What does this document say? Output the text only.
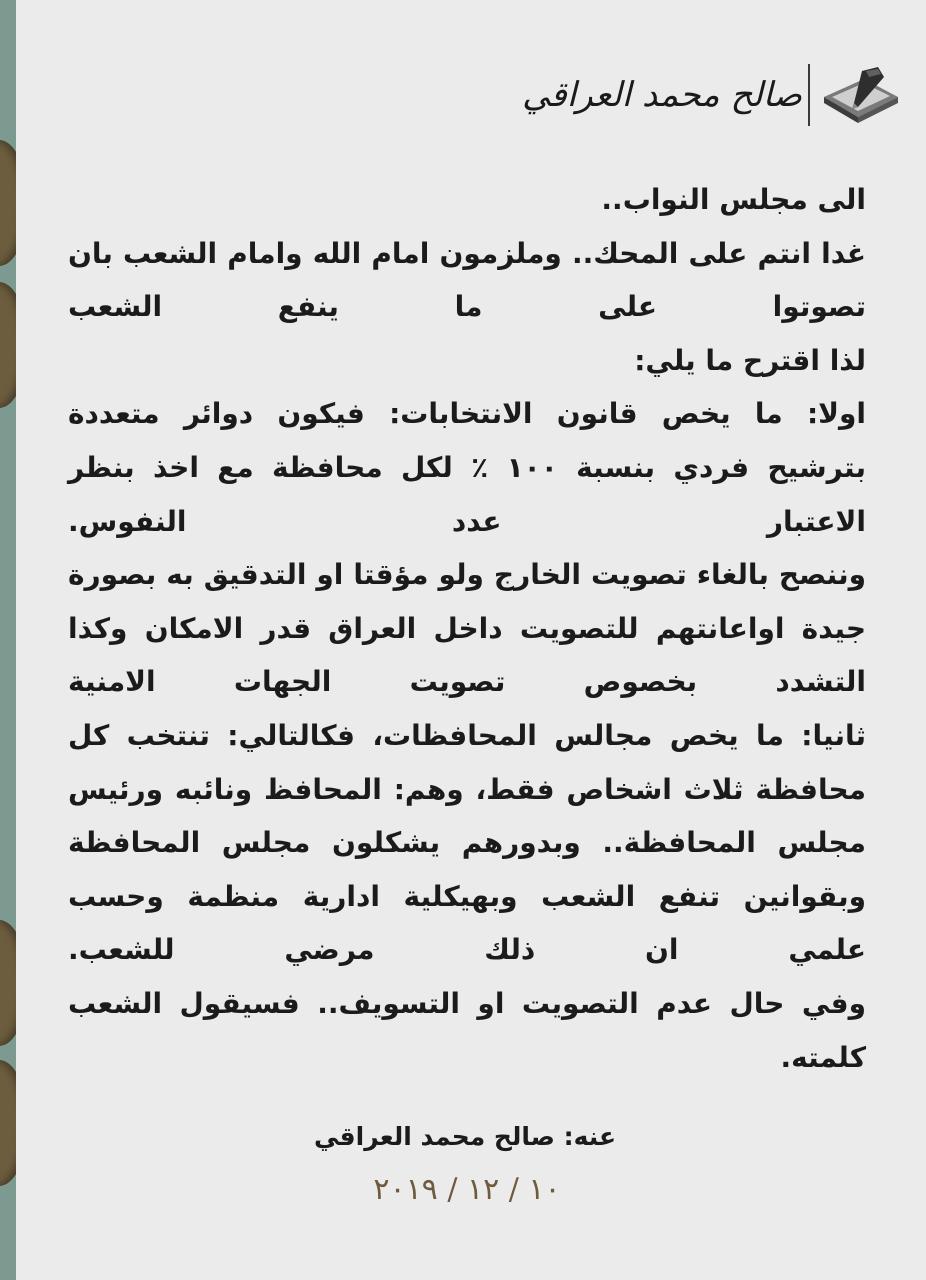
صالح محمد العراقي

الى مجلس النواب..

غدا انتم على المحك.. وملزمون امام الله وامام الشعب بان تصوتوا على ما ينفع الشعب

لذا اقترح ما يلي:

اولا: ما يخص قانون الانتخابات: فيكون دوائر متعددة بترشيح فردي بنسبة ١٠٠ ٪ لكل محافظة مع اخذ بنظر الاعتبار عدد النفوس.

وننصح بالغاء تصويت الخارج ولو مؤقتا او التدقيق به بصورة جيدة اواعانتهم للتصويت داخل العراق قدر الامكان وكذا التشدد بخصوص تصويت الجهات الامنية

ثانيا: ما يخص مجالس المحافظات، فكالتالي: تنتخب كل محافظة ثلاث اشخاص فقط، وهم: المحافظ ونائبه ورئيس مجلس المحافظة.. وبدورهم يشكلون مجلس المحافظة وبقوانين تنفع الشعب وبهيكلية ادارية منظمة وحسب علمي ان ذلك مرضي للشعب.

وفي حال عدم التصويت او التسويف.. فسيقول الشعب كلمته.

عنه: صالح محمد العراقي
١٠ / ١٢ / ٢٠١٩
